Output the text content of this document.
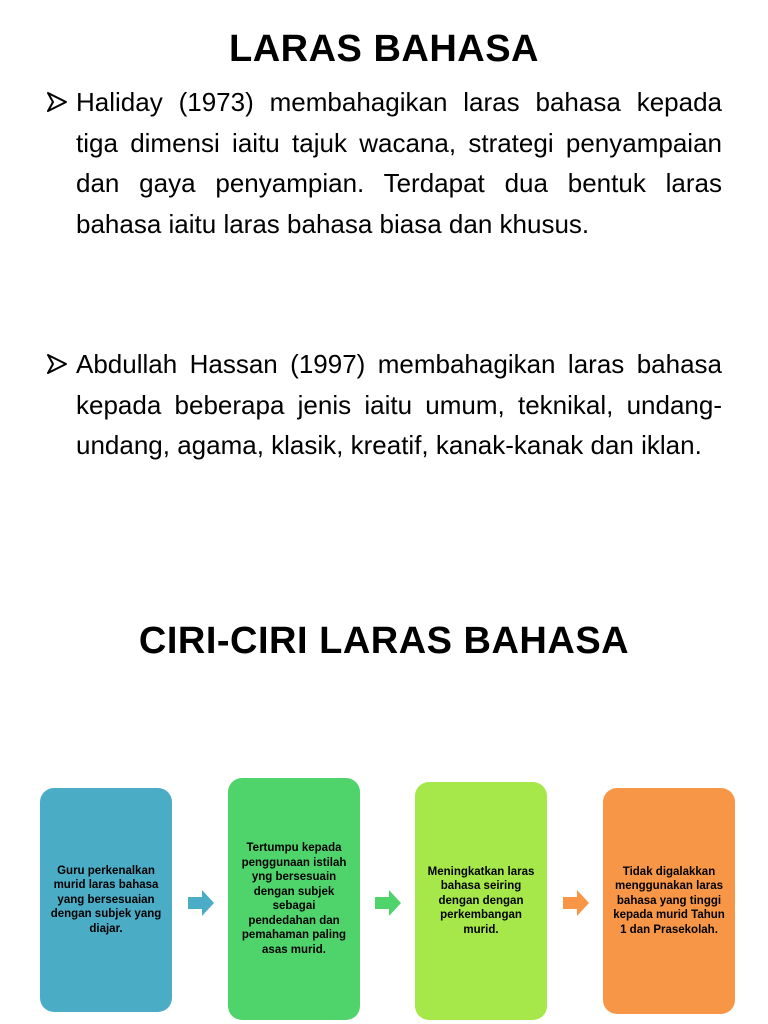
LARAS BAHASA
Haliday (1973) membahagikan laras bahasa kepada tiga dimensi iaitu tajuk wacana, strategi penyampaian dan gaya penyampian. Terdapat dua bentuk laras bahasa iaitu laras bahasa biasa dan khusus.
Abdullah Hassan (1997) membahagikan laras bahasa kepada beberapa jenis iaitu umum, teknikal, undang-undang, agama, klasik, kreatif, kanak-kanak dan iklan.
CIRI-CIRI LARAS BAHASA
Guru perkenalkan murid laras bahasa yang bersesuaian dengan subjek yang diajar.
Tertumpu kepada penggunaan istilah yng bersesuain dengan subjek sebagai pendedahan dan pemahaman paling asas murid.
Meningkatkan laras bahasa seiring dengan dengan perkembangan murid.
Tidak digalakkan menggunakan laras bahasa yang tinggi kepada murid Tahun 1 dan Prasekolah.
